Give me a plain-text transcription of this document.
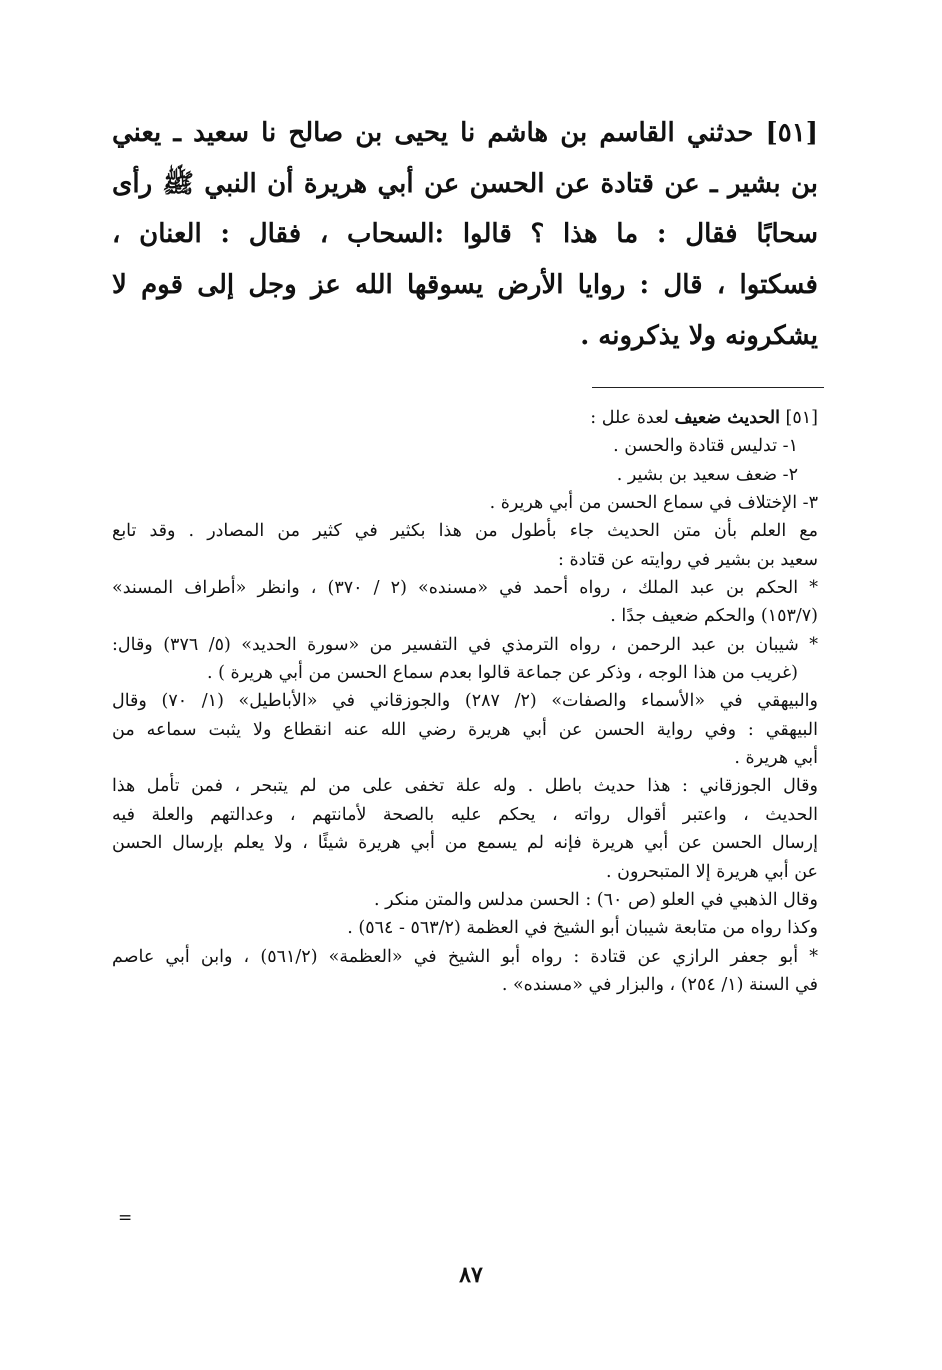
[٥١] حدثني القاسم بن هاشم نا يحيى بن صالح نا سعيد ـ يعني
بن بشير ـ عن قتادة عن الحسن عن أبي هريرة أن النبي ﷺ رأى
سحابًا فقال : ما هذا ؟ قالوا :السحاب ، فقال : العنان ،
فسكتوا ، قال : روايا الأرض يسوقها الله عز وجل إلى قوم لا
يشكرونه ولا يذكرونه .
[٥١] الحديث ضعيف لعدة علل :
١- تدليس قتادة والحسن .
٢- ضعف سعيد بن بشير .
٣- الإختلاف في سماع الحسن من أبي هريرة .
مع العلم بأن متن الحديث جاء بأطول من هذا بكثير في كثير من المصادر . وقد تابع
سعيد بن بشير في روايته عن قتادة :
* الحكم بن عبد الملك ، رواه أحمد في «مسنده» (٢ / ٣٧٠) ، وانظر «أطراف المسند»
(١٥٣/٧) والحكم ضعيف جدًا .
* شيبان بن عبد الرحمن ، رواه الترمذي في التفسير من «سورة الحديد» (٥/ ٣٧٦) وقال:
(غريب من هذا الوجه ، وذكر عن جماعة قالوا بعدم سماع الحسن من أبي هريرة ) .
والبيهقي في «الأسماء والصفات» (٢/ ٢٨٧) والجوزقاني في «الأباطيل» (١/ ٧٠) وقال
البيهقي : وفي رواية الحسن عن أبي هريرة رضي الله عنه انقطاع ولا يثبت سماعه من
أبي هريرة .
وقال الجوزقاني : هذا حديث باطل . وله علة تخفى على من لم يتبحر ، فمن تأمل هذا
الحديث ، واعتبر أقوال رواته ، يحكم عليه بالصحة لأمانتهم ، وعدالتهم والعلة فيه
إرسال الحسن عن أبي هريرة فإنه لم يسمع من أبي هريرة شيئًا ، ولا يعلم بإرسال الحسن
عن أبي هريرة إلا المتبحرون .
وقال الذهبي في العلو (ص ٦٠) : الحسن مدلس والمتن منكر .
وكذا رواه من متابعة شيبان أبو الشيخ في العظمة (٥٦٣/٢ - ٥٦٤) .
* أبو جعفر الرازي عن قتادة : رواه أبو الشيخ في «العظمة» (٥٦١/٢) ، وابن أبي عاصم
في السنة (١/ ٢٥٤) ، والبزار في «مسنده» .
=
٨٧
